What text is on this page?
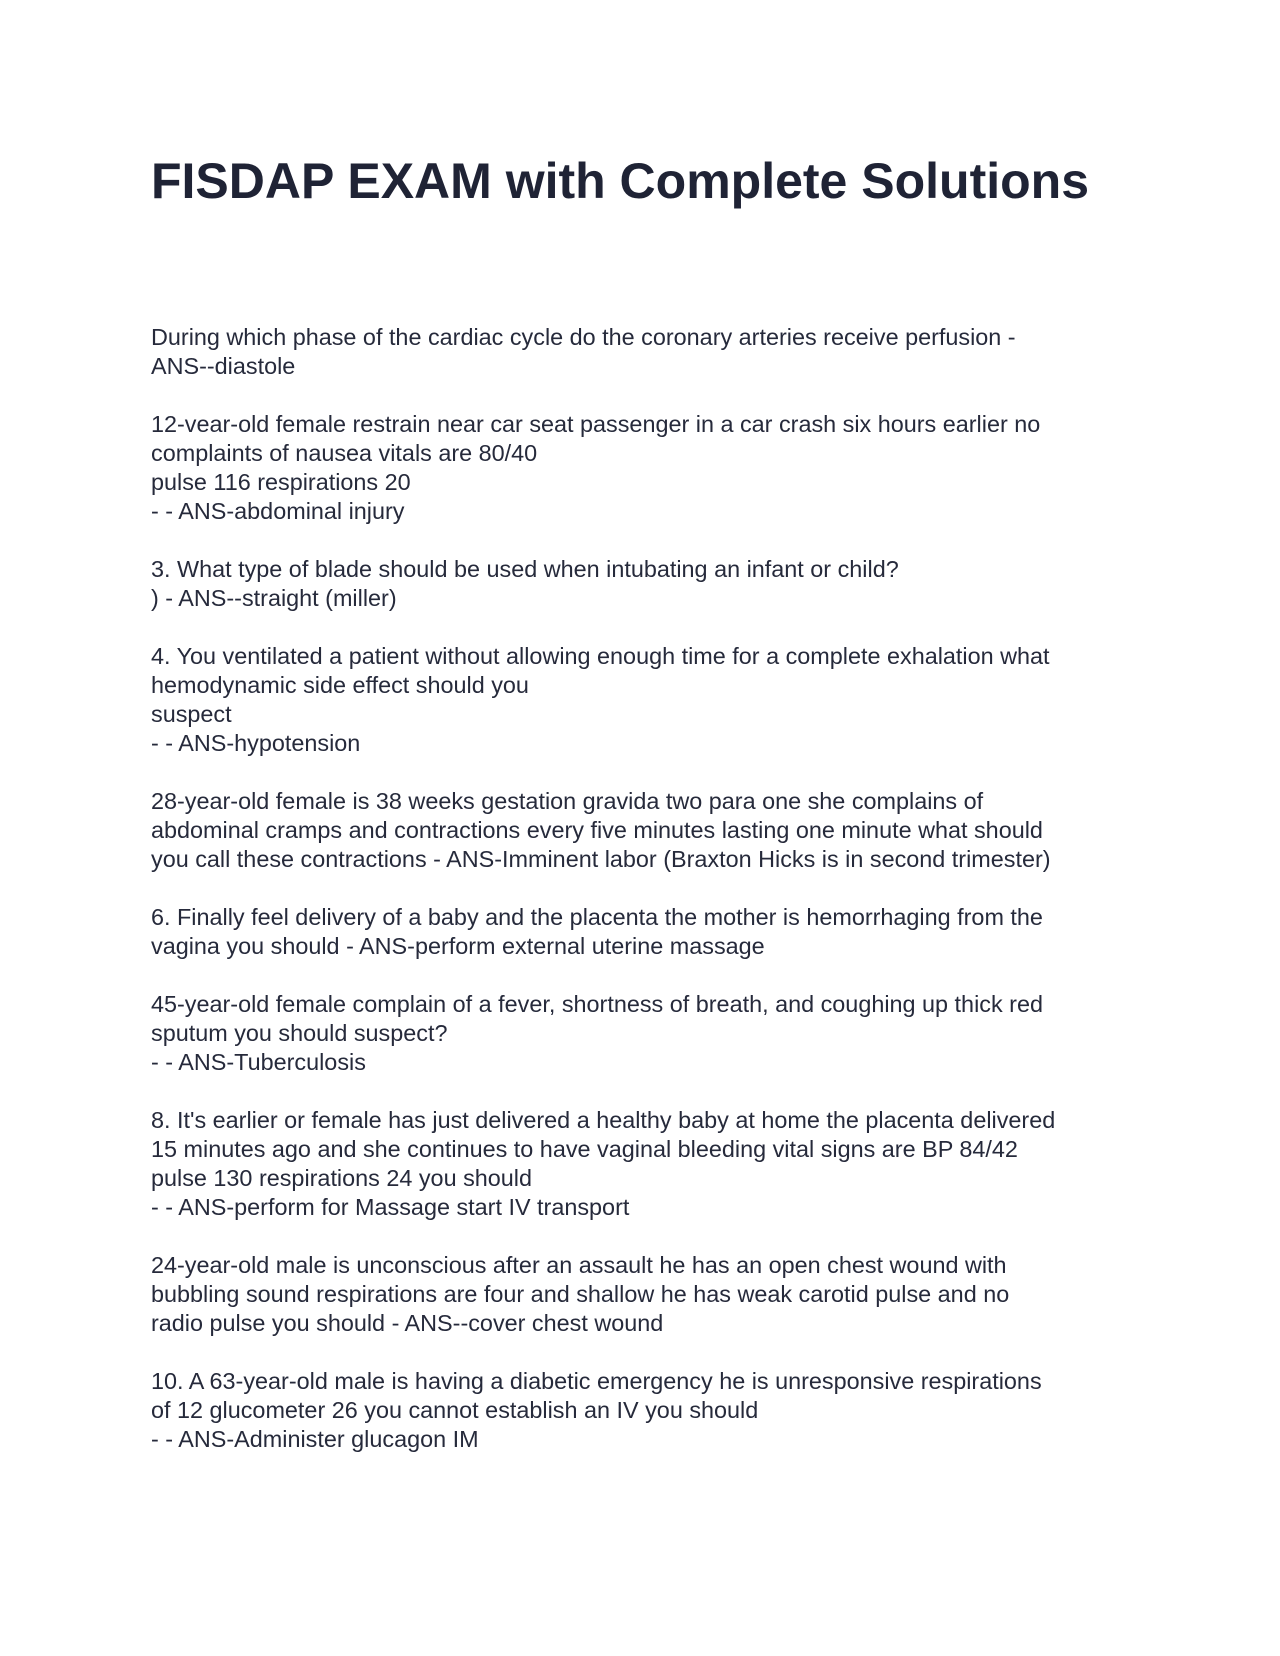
FISDAP EXAM with Complete Solutions
During which phase of the cardiac cycle do the coronary arteries receive perfusion -
ANS--diastole
12-vear-old female restrain near car seat passenger in a car crash six hours earlier no
complaints of nausea vitals are 80/40
pulse 116 respirations 20
- - ANS-abdominal injury
3. What type of blade should be used when intubating an infant or child?
) - ANS--straight (miller)
4. You ventilated a patient without allowing enough time for a complete exhalation what
hemodynamic side effect should you
suspect
- - ANS-hypotension
28-year-old female is 38 weeks gestation gravida two para one she complains of
abdominal cramps and contractions every five minutes lasting one minute what should
you call these contractions - ANS-Imminent labor (Braxton Hicks is in second trimester)
6. Finally feel delivery of a baby and the placenta the mother is hemorrhaging from the
vagina you should - ANS-perform external uterine massage
45-year-old female complain of a fever, shortness of breath, and coughing up thick red
sputum you should suspect?
- - ANS-Tuberculosis
8. It's earlier or female has just delivered a healthy baby at home the placenta delivered
15 minutes ago and she continues to have vaginal bleeding vital signs are BP 84/42
pulse 130 respirations 24 you should
- - ANS-perform for Massage start IV transport
24-year-old male is unconscious after an assault he has an open chest wound with
bubbling sound respirations are four and shallow he has weak carotid pulse and no
radio pulse you should - ANS--cover chest wound
10. A 63-year-old male is having a diabetic emergency he is unresponsive respirations
of 12 glucometer 26 you cannot establish an IV you should
- - ANS-Administer glucagon IM
